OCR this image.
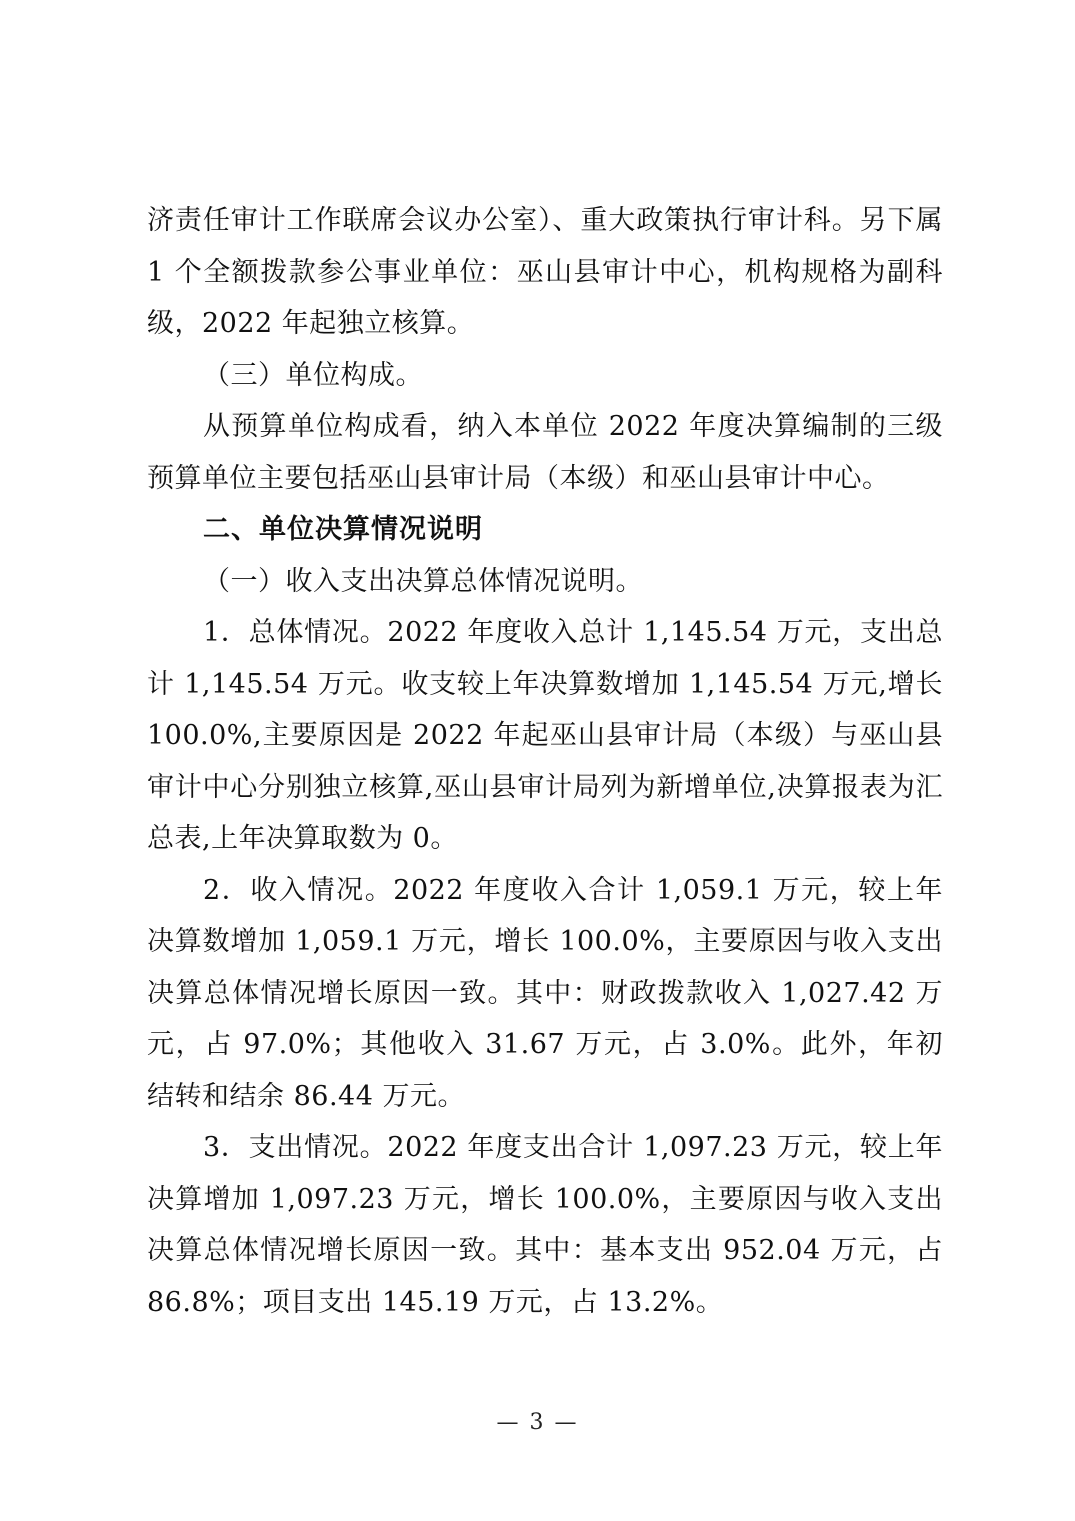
济责任审计工作联席会议办公室）、重大政策执行审计科。另下属 1 个全额拨款参公事业单位：巫山县审计中心，机构规格为副科级，2022 年起独立核算。

（三）单位构成。

从预算单位构成看，纳入本单位 2022 年度决算编制的三级预算单位主要包括巫山县审计局（本级）和巫山县审计中心。

二、单位决算情况说明

（一）收入支出决算总体情况说明。

1．总体情况。2022 年度收入总计 1,145.54 万元，支出总计 1,145.54 万元。收支较上年决算数增加 1,145.54 万元,增长 100.0%,主要原因是 2022 年起巫山县审计局（本级）与巫山县审计中心分别独立核算,巫山县审计局列为新增单位,决算报表为汇总表,上年决算取数为 0。

2．收入情况。2022 年度收入合计 1,059.1 万元，较上年决算数增加 1,059.1 万元，增长 100.0%，主要原因与收入支出决算总体情况增长原因一致。其中：财政拨款收入 1,027.42 万元，占 97.0%；其他收入 31.67 万元，占 3.0%。此外，年初结转和结余 86.44 万元。

3．支出情况。2022 年度支出合计 1,097.23 万元，较上年决算增加 1,097.23 万元，增长 100.0%，主要原因与收入支出决算总体情况增长原因一致。其中：基本支出 952.04 万元，占 86.8%；项目支出 145.19 万元，占 13.2%。

— 3 —
